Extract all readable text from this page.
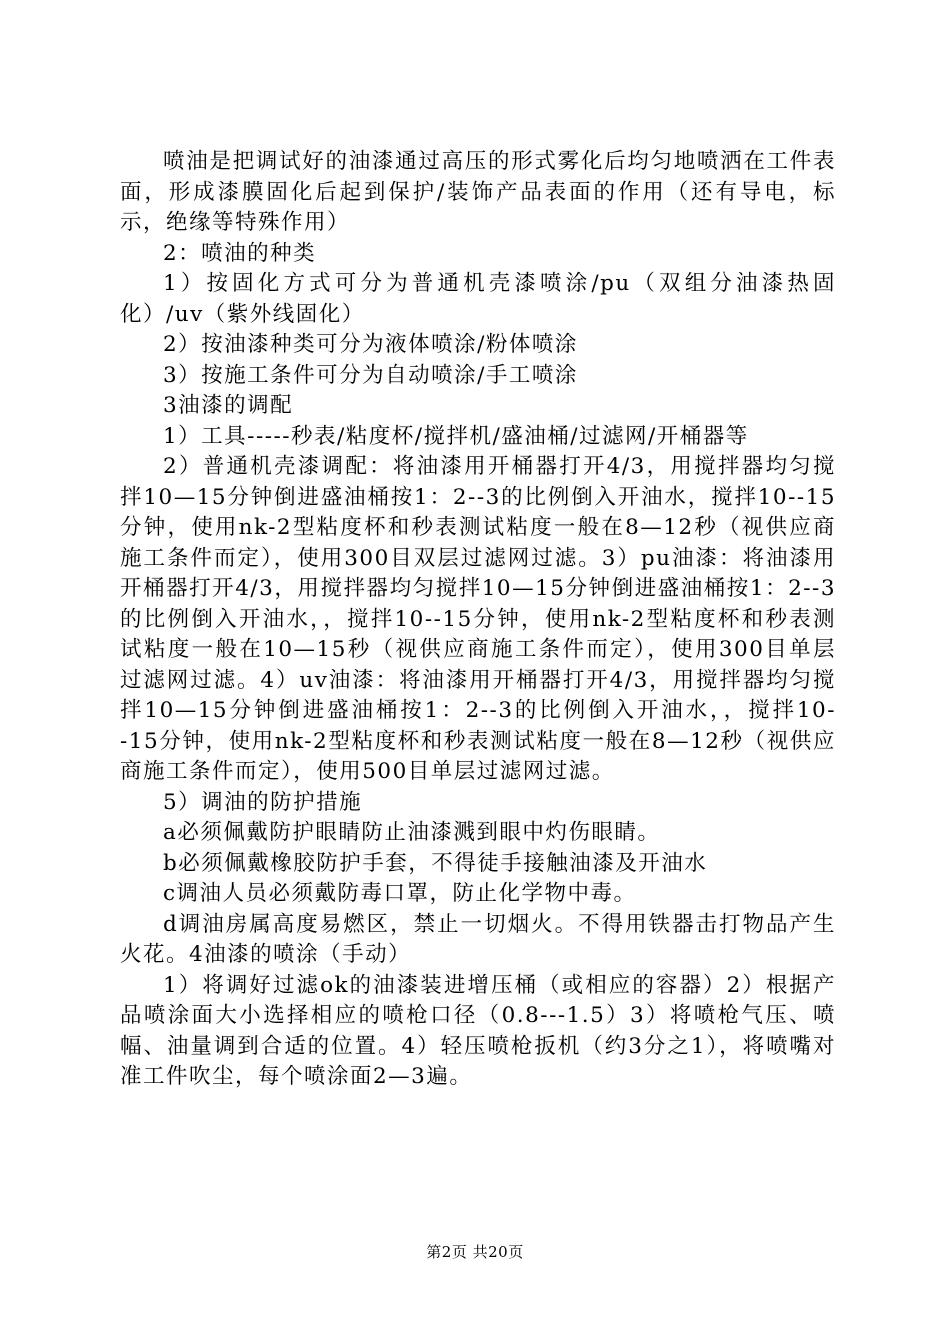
喷油是把调试好的油漆通过高压的形式雾化后均匀地喷洒在工件表面，形成漆膜固化后起到保护/装饰产品表面的作用（还有导电，标示，绝缘等特殊作用）

2：喷油的种类

1）按固化方式可分为普通机壳漆喷涂/pu（双组分油漆热固化）/uv（紫外线固化）

2）按油漆种类可分为液体喷涂/粉体喷涂

3）按施工条件可分为自动喷涂/手工喷涂

3油漆的调配

1）工具-----秒表/粘度杯/搅拌机/盛油桶/过滤网/开桶器等

2）普通机壳漆调配：将油漆用开桶器打开4/3，用搅拌器均匀搅拌10—15分钟倒进盛油桶按1：2--3的比例倒入开油水，搅拌10--15分钟，使用nk-2型粘度杯和秒表测试粘度一般在8—12秒（视供应商施工条件而定），使用300目双层过滤网过滤。3）pu油漆：将油漆用开桶器打开4/3，用搅拌器均匀搅拌10—15分钟倒进盛油桶按1：2--3的比例倒入开油水，，搅拌10--15分钟，使用nk-2型粘度杯和秒表测试粘度一般在10—15秒（视供应商施工条件而定），使用300目单层过滤网过滤。4）uv油漆：将油漆用开桶器打开4/3，用搅拌器均匀搅拌10—15分钟倒进盛油桶按1：2--3的比例倒入开油水，，搅拌10--15分钟，使用nk-2型粘度杯和秒表测试粘度一般在8—12秒（视供应商施工条件而定），使用500目单层过滤网过滤。

5）调油的防护措施

a必须佩戴防护眼睛防止油漆溅到眼中灼伤眼睛。

b必须佩戴橡胶防护手套，不得徒手接触油漆及开油水

c调油人员必须戴防毒口罩，防止化学物中毒。

d调油房属高度易燃区，禁止一切烟火。不得用铁器击打物品产生火花。4油漆的喷涂（手动）

1）将调好过滤ok的油漆装进增压桶（或相应的容器）2）根据产品喷涂面大小选择相应的喷枪口径（0.8---1.5）3）将喷枪气压、喷幅、油量调到合适的位置。4）轻压喷枪扳机（约3分之1），将喷嘴对准工件吹尘，每个喷涂面2—3遍。

第2页 共20页
